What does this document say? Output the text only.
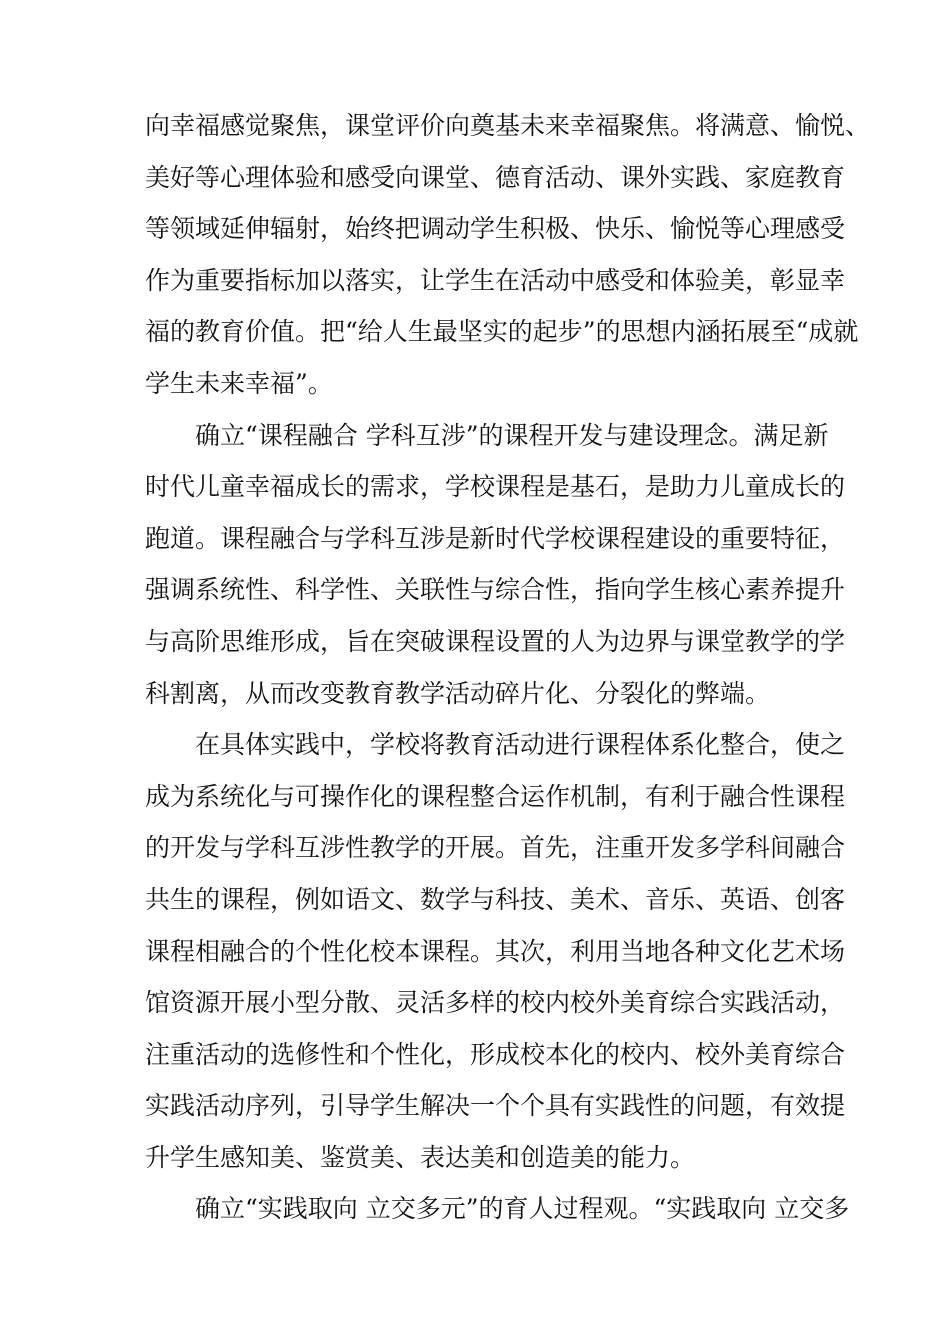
向幸福感觉聚焦，课堂评价向奠基未来幸福聚焦。将满意、愉悦、
美好等心理体验和感受向课堂、德育活动、课外实践、家庭教育
等领域延伸辐射，始终把调动学生积极、快乐、愉悦等心理感受
作为重要指标加以落实，让学生在活动中感受和体验美，彰显幸
福的教育价值。把“给人生最坚实的起步”的思想内涵拓展至“成就
学生未来幸福”。
确立“课程融合 学科互涉”的课程开发与建设理念。满足新
时代儿童幸福成长的需求，学校课程是基石，是助力儿童成长的
跑道。课程融合与学科互涉是新时代学校课程建设的重要特征，
强调系统性、科学性、关联性与综合性，指向学生核心素养提升
与高阶思维形成，旨在突破课程设置的人为边界与课堂教学的学
科割离，从而改变教育教学活动碎片化、分裂化的弊端。
在具体实践中，学校将教育活动进行课程体系化整合，使之
成为系统化与可操作化的课程整合运作机制，有利于融合性课程
的开发与学科互涉性教学的开展。首先，注重开发多学科间融合
共生的课程，例如语文、数学与科技、美术、音乐、英语、创客
课程相融合的个性化校本课程。其次，利用当地各种文化艺术场
馆资源开展小型分散、灵活多样的校内校外美育综合实践活动，
注重活动的选修性和个性化，形成校本化的校内、校外美育综合
实践活动序列，引导学生解决一个个具有实践性的问题，有效提
升学生感知美、鉴赏美、表达美和创造美的能力。
确立“实践取向 立交多元”的育人过程观。“实践取向 立交多
